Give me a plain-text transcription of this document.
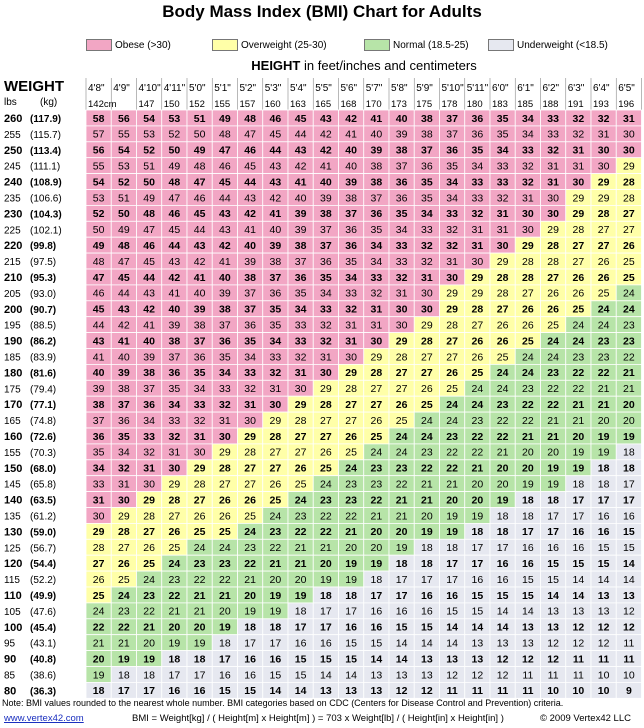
Body Mass Index (BMI) Chart for Adults
Obese (>30)	Overweight (25-30)	Normal (18.5-25)	Underweight (<18.5)
HEIGHT in feet/inches and centimeters
WEIGHT
lbs (kg)
4'8" 4'9" 4'10" 4'11" 5'0" 5'1" 5'2" 5'3" 5'4" 5'5" 5'6" 5'7" 5'8" 5'9" 5'10" 5'11" 6'0" 6'1" 6'2" 6'3" 6'4" 6'5"
142cm 147 150 152 155 157 160 163 165 168 170 173 175 178 180 183 185 188 191 193 196
260 (117.9)	58 56 54 53 51 49 48 46 45 43 42 41 40 38 37 36 35 34 33 32 32 31
255 (115.7)	57 55 53 52 50 48 47 45 44 42 41 40 39 38 37 36 35 34 33 32 31 30
250 (113.4)	56 54 52 50 49 47 46 44 43 42 40 39 38 37 36 35 34 33 32 31 30 30
245 (111.1)	55 53 51 49 48 46 45 43 42 41 40 38 37 36 35 34 33 32 31 31 30 29
240 (108.9)	54 52 50 48 47 45 44 43 41 40 39 38 36 35 34 33 33 32 31 30 29 28
235 (106.6)	53 51 49 47 46 44 43 42 40 39 38 37 36 35 34 33 32 31 30 29 29 28
230 (104.3)	52 50 48 46 45 43 42 41 39 38 37 36 35 34 33 32 31 30 30 29 28 27
225 (102.1)	50 49 47 45 44 43 41 40 39 37 36 35 34 33 32 31 31 30 29 28 27 27
220 (99.8)	49 48 46 44 43 42 40 39 38 37 36 34 33 32 32 31 30 29 28 27 27 26
215 (97.5)	48 47 45 43 42 41 39 38 37 36 35 34 33 32 31 30 29 28 28 27 26 25
210 (95.3)	47 45 44 42 41 40 38 37 36 35 34 33 32 31 30 29 28 28 27 26 26 25
205 (93.0)	46 44 43 41 40 39 37 36 35 34 33 32 31 30 29 29 28 27 26 26 25 24
200 (90.7)	45 43 42 40 39 38 37 35 34 33 32 31 30 30 29 28 27 26 26 25 24 24
195 (88.5)	44 42 41 39 38 37 36 35 33 32 31 31 30 29 28 27 26 26 25 24 24 23
190 (86.2)	43 41 40 38 37 36 35 34 33 32 31 30 29 28 27 26 26 25 24 24 23 23
185 (83.9)	41 40 39 37 36 35 34 33 32 31 30 29 28 27 27 26 25 24 24 23 23 22
180 (81.6)	40 39 38 36 35 34 33 32 31 30 29 28 27 27 26 25 24 24 23 22 22 21
175 (79.4)	39 38 37 35 34 33 32 31 30 29 28 27 27 26 25 24 24 23 22 22 21 21
170 (77.1)	38 37 36 34 33 32 31 30 29 28 27 27 26 25 24 24 23 22 22 21 21 20
165 (74.8)	37 36 34 33 32 31 30 29 28 27 27 26 25 24 24 23 22 22 21 21 20 20
160 (72.6)	36 35 33 32 31 30 29 28 27 27 26 25 24 24 23 22 22 21 21 20 19 19
155 (70.3)	35 34 32 31 30 29 28 27 27 26 25 24 24 23 22 22 21 20 20 19 19 18
150 (68.0)	34 32 31 30 29 28 27 27 26 25 24 23 23 22 22 21 20 20 19 19 18 18
145 (65.8)	33 31 30 29 28 27 27 26 25 24 23 23 22 21 21 20 20 19 19 18 18 17
140 (63.5)	31 30 29 28 27 26 26 25 24 23 23 22 21 21 20 20 19 18 18 17 17 17
135 (61.2)	30 29 28 27 26 26 25 24 23 22 22 21 21 20 19 19 18 18 17 17 16 16
130 (59.0)	29 28 27 26 25 25 24 23 22 22 21 20 20 19 19 18 18 17 17 16 16 15
125 (56.7)	28 27 26 25 24 24 23 22 21 21 20 20 19 18 18 17 17 16 16 16 15 15
120 (54.4)	27 26 25 24 23 23 22 21 21 20 19 19 18 18 17 17 16 16 15 15 15 14
115 (52.2)	26 25 24 23 22 22 21 20 20 19 19 18 17 17 17 16 16 15 15 14 14 14
110 (49.9)	25 24 23 22 21 21 20 19 19 18 18 17 17 16 16 15 15 15 14 14 13 13
105 (47.6)	24 23 22 21 21 20 19 19 18 17 17 16 16 16 15 15 14 14 13 13 13 12
100 (45.4)	22 22 21 20 20 19 18 18 17 17 16 16 15 15 14 14 14 13 13 12 12 12
95 (43.1)	21 21 20 19 19 18 17 17 16 16 15 15 14 14 14 13 13 13 12 12 12 11
90 (40.8)	20 19 19 18 18 17 16 16 15 15 15 14 14 13 13 13 12 12 12 11 11 11
85 (38.6)	19 18 18 17 17 16 16 15 15 14 14 13 13 13 12 12 12 11 11 11 10 10
80 (36.3)	18 17 17 16 16 15 15 14 14 13 13 13 12 12 11 11 11 11 10 10 10 9
Note: BMI values rounded to the nearest whole number. BMI categories based on CDC (Centers for Disease Control and Prevention) criteria.
www.vertex42.com	BMI = Weight[kg] / ( Height[m] x Height[m] ) = 703 x Weight[lb] / ( Height[in] x Height[in] )	© 2009 Vertex42 LLC
